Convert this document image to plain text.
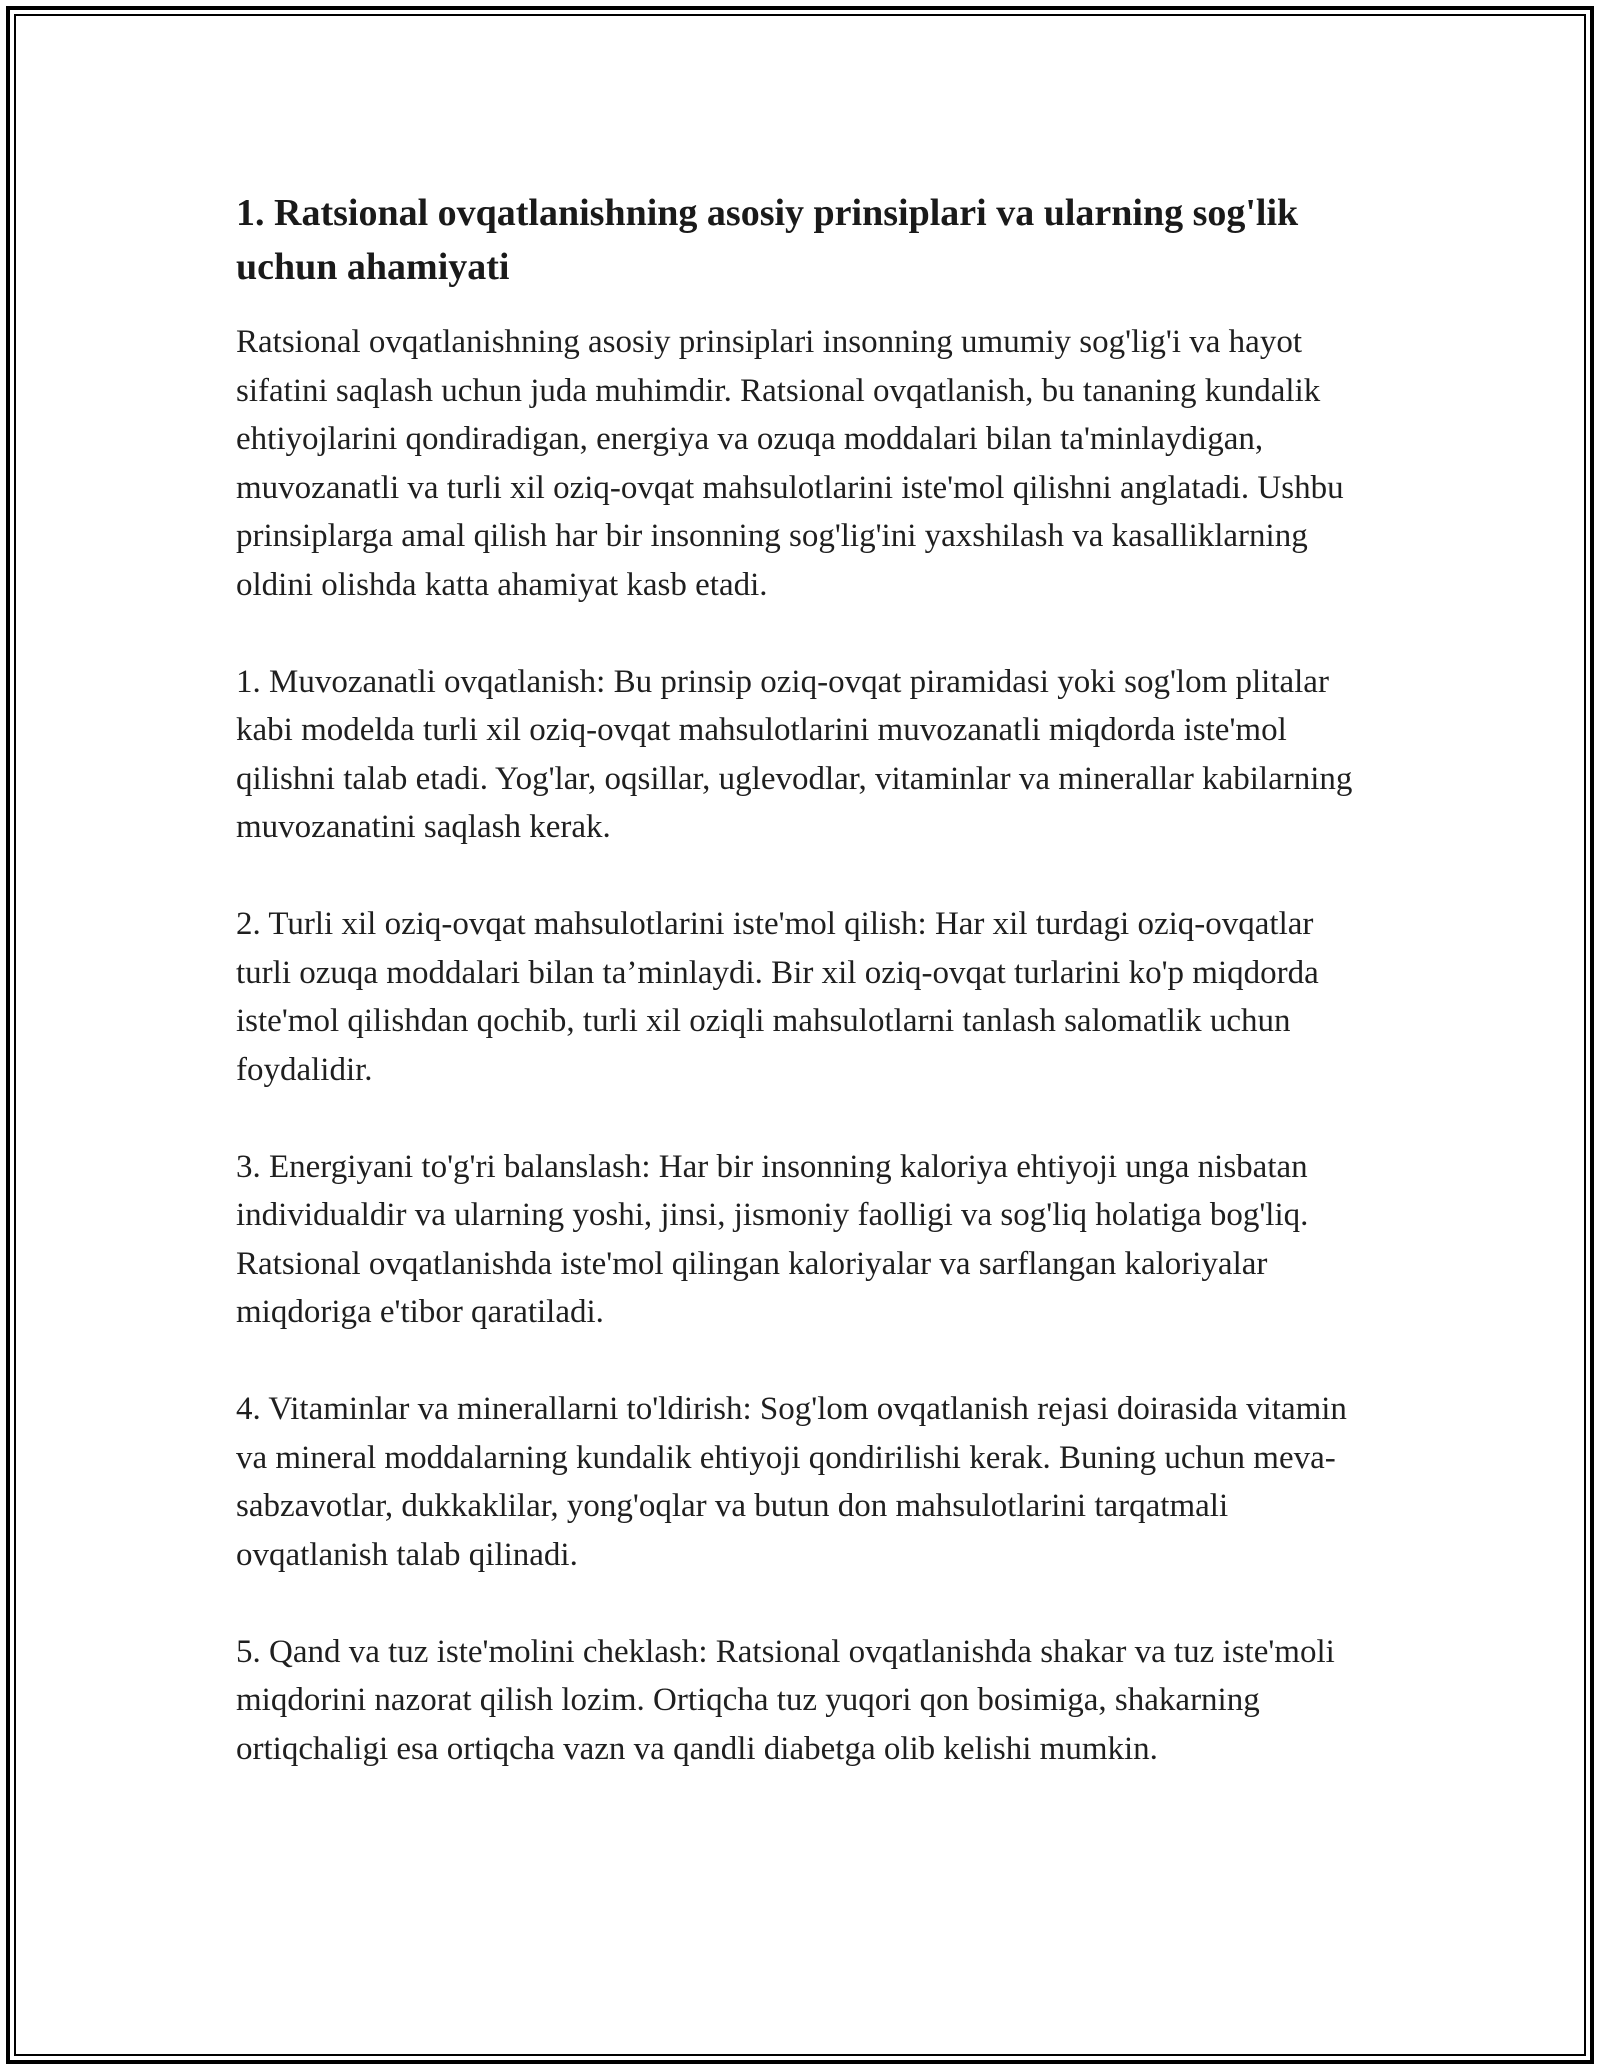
1. Ratsional ovqatlanishning asosiy prinsiplari va ularning sog'lik uchun ahamiyati

Ratsional ovqatlanishning asosiy prinsiplari insonning umumiy sog'lig'i va hayot sifatini saqlash uchun juda muhimdir. Ratsional ovqatlanish, bu tananing kundalik ehtiyojlarini qondiradigan, energiya va ozuqa moddalari bilan ta'minlaydigan, muvozanatli va turli xil oziq-ovqat mahsulotlarini iste'mol qilishni anglatadi. Ushbu prinsiplarga amal qilish har bir insonning sog'lig'ini yaxshilash va kasalliklarning oldini olishda katta ahamiyat kasb etadi.

1. Muvozanatli ovqatlanish: Bu prinsip oziq-ovqat piramidasi yoki sog'lom plitalar kabi modelda turli xil oziq-ovqat mahsulotlarini muvozanatli miqdorda iste'mol qilishni talab etadi. Yog'lar, oqsillar, uglevodlar, vitaminlar va minerallar kabilarning muvozanatini saqlash kerak.

2. Turli xil oziq-ovqat mahsulotlarini iste'mol qilish: Har xil turdagi oziq-ovqatlar turli ozuqa moddalari bilan ta’minlaydi. Bir xil oziq-ovqat turlarini ko'p miqdorda iste'mol qilishdan qochib, turli xil oziqli mahsulotlarni tanlash salomatlik uchun foydalidir.

3. Energiyani to'g'ri balanslash: Har bir insonning kaloriya ehtiyoji unga nisbatan individualdir va ularning yoshi, jinsi, jismoniy faolligi va sog'liq holatiga bog'liq. Ratsional ovqatlanishda iste'mol qilingan kaloriyalar va sarflangan kaloriyalar miqdoriga e'tibor qaratiladi.

4. Vitaminlar va minerallarni to'ldirish: Sog'lom ovqatlanish rejasi doirasida vitamin va mineral moddalarning kundalik ehtiyoji qondirilishi kerak. Buning uchun meva-sabzavotlar, dukkaklilar, yong'oqlar va butun don mahsulotlarini tarqatmali ovqatlanish talab qilinadi.

5. Qand va tuz iste'molini cheklash: Ratsional ovqatlanishda shakar va tuz iste'moli miqdorini nazorat qilish lozim. Ortiqcha tuz yuqori qon bosimiga, shakarning ortiqchaligi esa ortiqcha vazn va qandli diabetga olib kelishi mumkin.
